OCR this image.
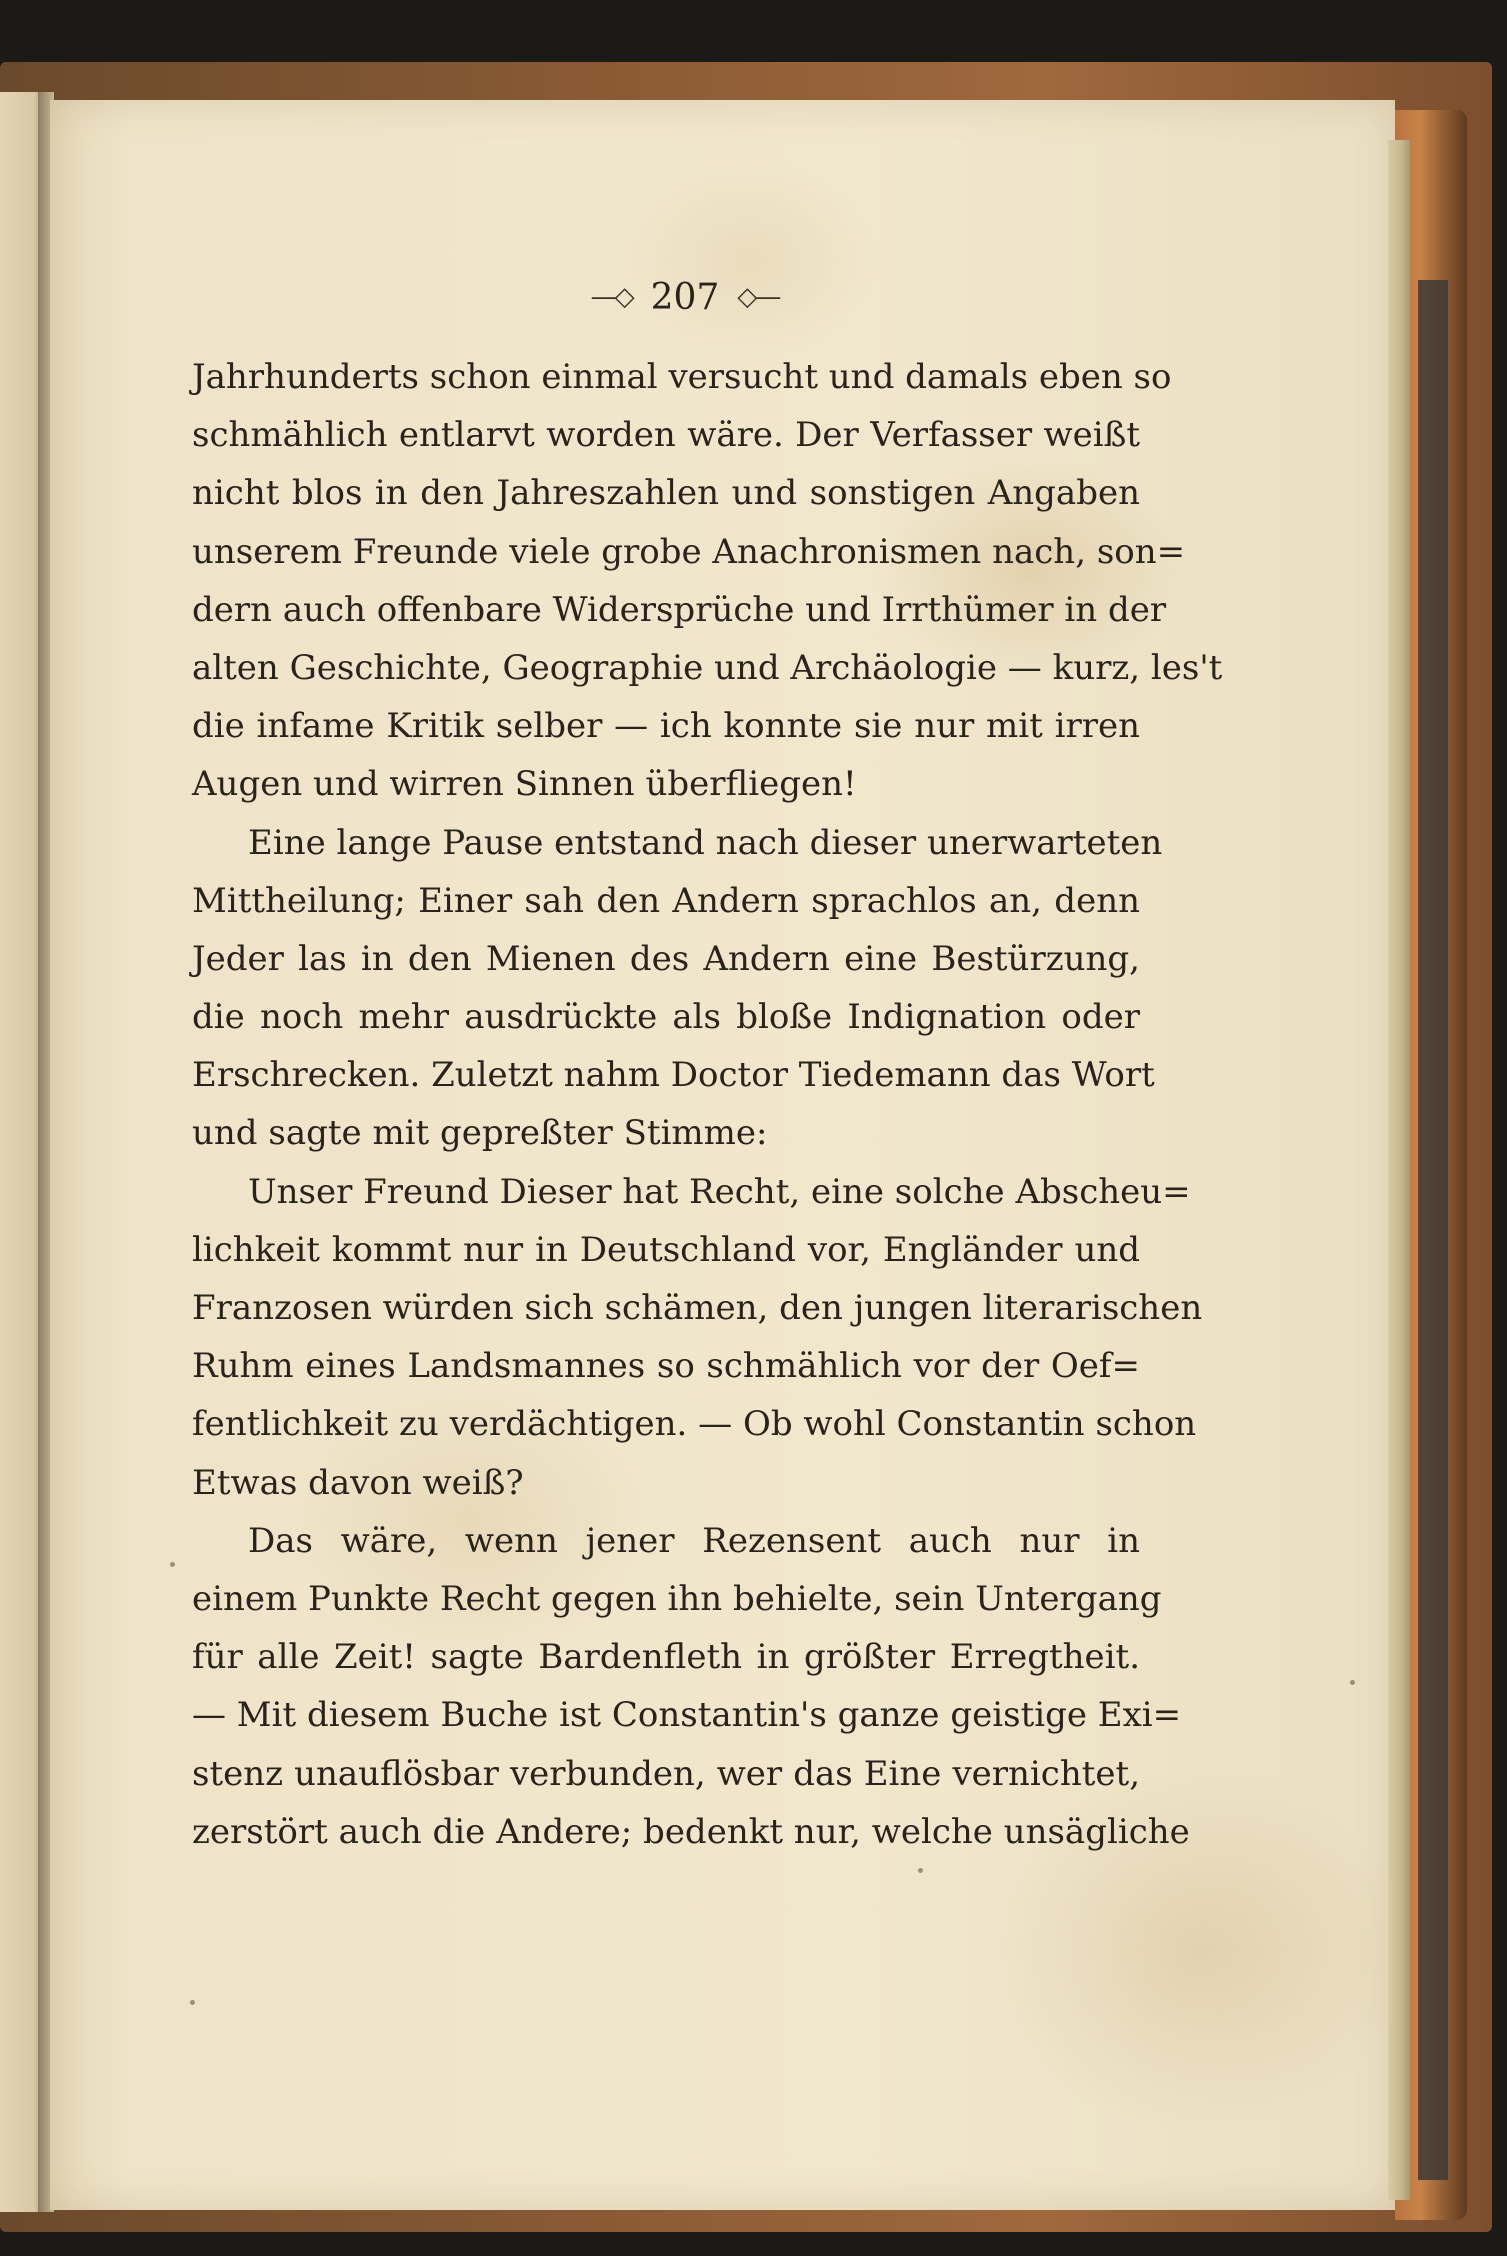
—◇ 207 ◇—
Jahrhunderts schon einmal versucht und damals eben so
schmählich entlarvt worden wäre. Der Verfasser weißt
nicht blos in den Jahreszahlen und sonstigen Angaben
unserem Freunde viele grobe Anachronismen nach, son=
dern auch offenbare Widersprüche und Irrthümer in der
alten Geschichte, Geographie und Archäologie — kurz, les't
die infame Kritik selber — ich konnte sie nur mit irren
Augen und wirren Sinnen überfliegen!
Eine lange Pause entstand nach dieser unerwarteten
Mittheilung; Einer sah den Andern sprachlos an, denn
Jeder las in den Mienen des Andern eine Bestürzung,
die noch mehr ausdrückte als bloße Indignation oder
Erschrecken. Zuletzt nahm Doctor Tiedemann das Wort
und sagte mit gepreßter Stimme:
Unser Freund Dieser hat Recht, eine solche Abscheu=
lichkeit kommt nur in Deutschland vor, Engländer und
Franzosen würden sich schämen, den jungen literarischen
Ruhm eines Landsmannes so schmählich vor der Oef=
fentlichkeit zu verdächtigen. — Ob wohl Constantin schon
Etwas davon weiß?
Das wäre, wenn jener Rezensent auch nur in
einem Punkte Recht gegen ihn behielte, sein Untergang
für alle Zeit! sagte Bardenfleth in größter Erregtheit.
— Mit diesem Buche ist Constantin's ganze geistige Exi=
stenz unauflösbar verbunden, wer das Eine vernichtet,
zerstört auch die Andere; bedenkt nur, welche unsägliche
